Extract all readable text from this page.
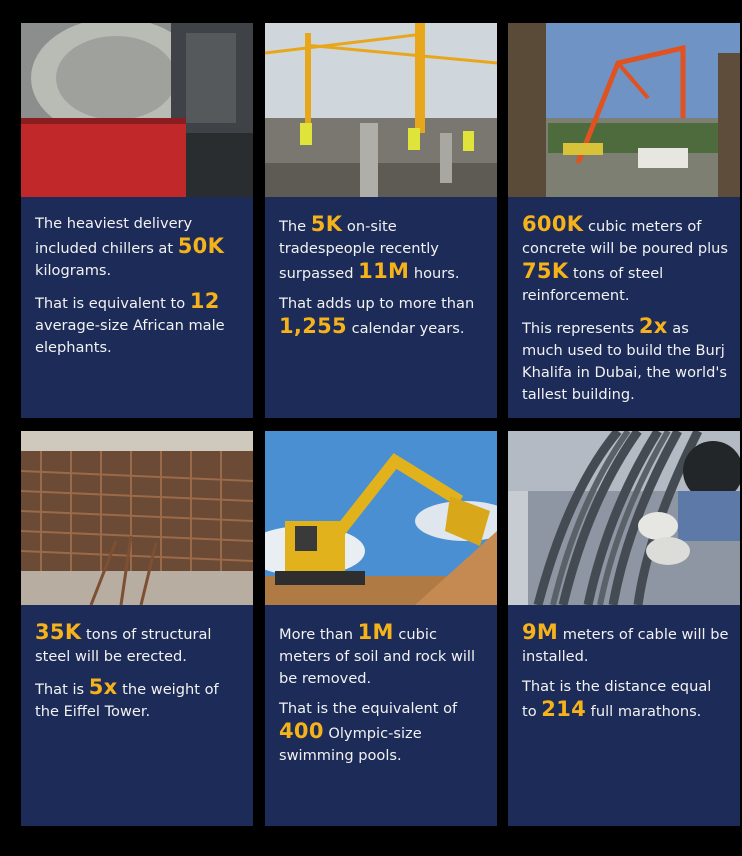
The heaviest delivery included chillers at 50K kilograms.

That is equivalent to 12 average-size African male elephants.

The 5K on-site tradespeople recently surpassed 11M hours.

That adds up to more than 1,255 calendar years.

600K cubic meters of concrete will be poured plus 75K tons of steel reinforcement.

This represents 2x as much used to build the Burj Khalifa in Dubai, the world's tallest building.

35K tons of structural steel will be erected.

That is 5x the weight of the Eiffel Tower.

More than 1M cubic meters of soil and rock will be removed.

That is the equivalent of 400 Olympic-size swimming pools.

9M meters of cable will be installed.

That is the distance equal to 214 full marathons.
